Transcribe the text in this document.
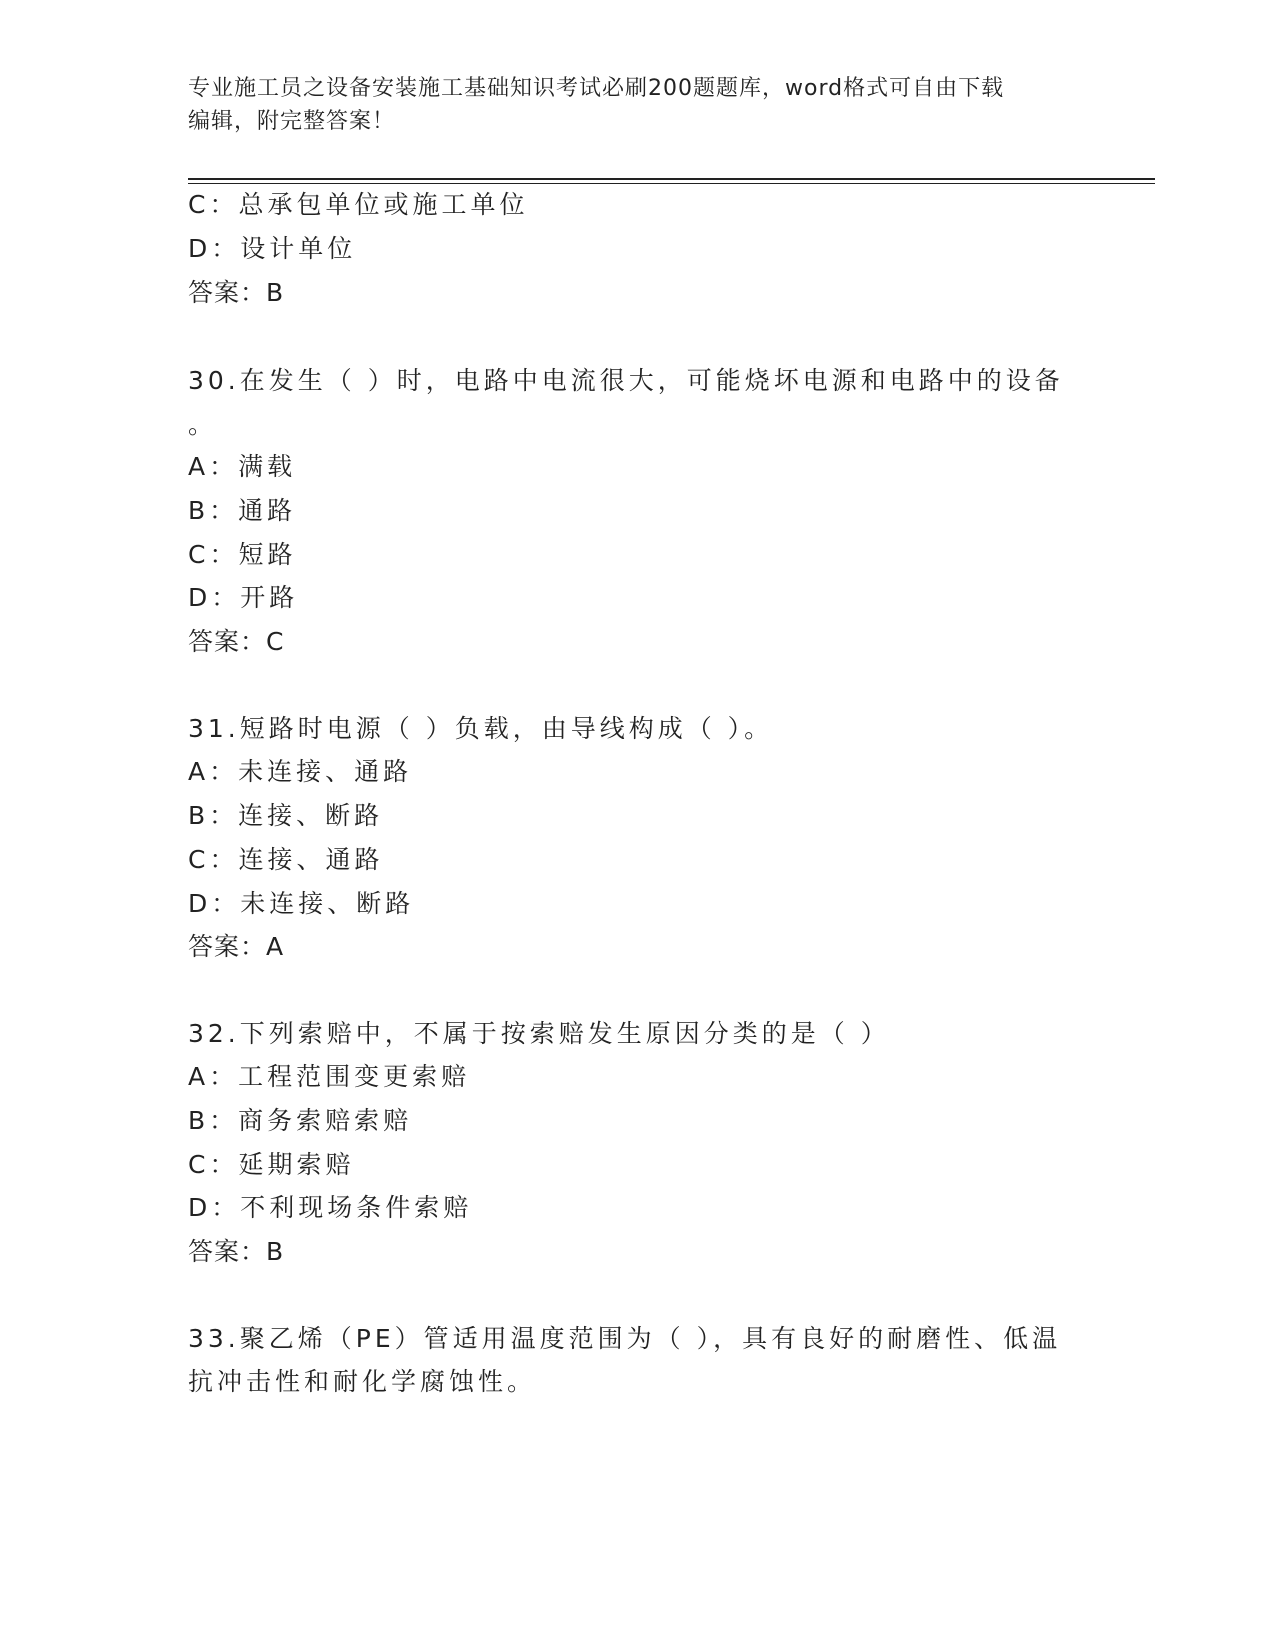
专业施工员之设备安装施工基础知识考试必刷200题题库，word格式可自由下载
编辑，附完整答案！
C：总承包单位或施工单位
D：设计单位
答案：B
30.在发生（ ）时，电路中电流很大，可能烧坏电源和电路中的设备
。
A：满载
B：通路
C：短路
D：开路
答案：C
31.短路时电源（ ）负载，由导线构成（ ）。
A：未连接、通路
B：连接、断路
C：连接、通路
D：未连接、断路
答案：A
32.下列索赔中，不属于按索赔发生原因分类的是（ ）
A：工程范围变更索赔
B：商务索赔索赔
C：延期索赔
D：不利现场条件索赔
答案：B
33.聚乙烯（PE）管适用温度范围为（ ），具有良好的耐磨性、低温
抗冲击性和耐化学腐蚀性。
